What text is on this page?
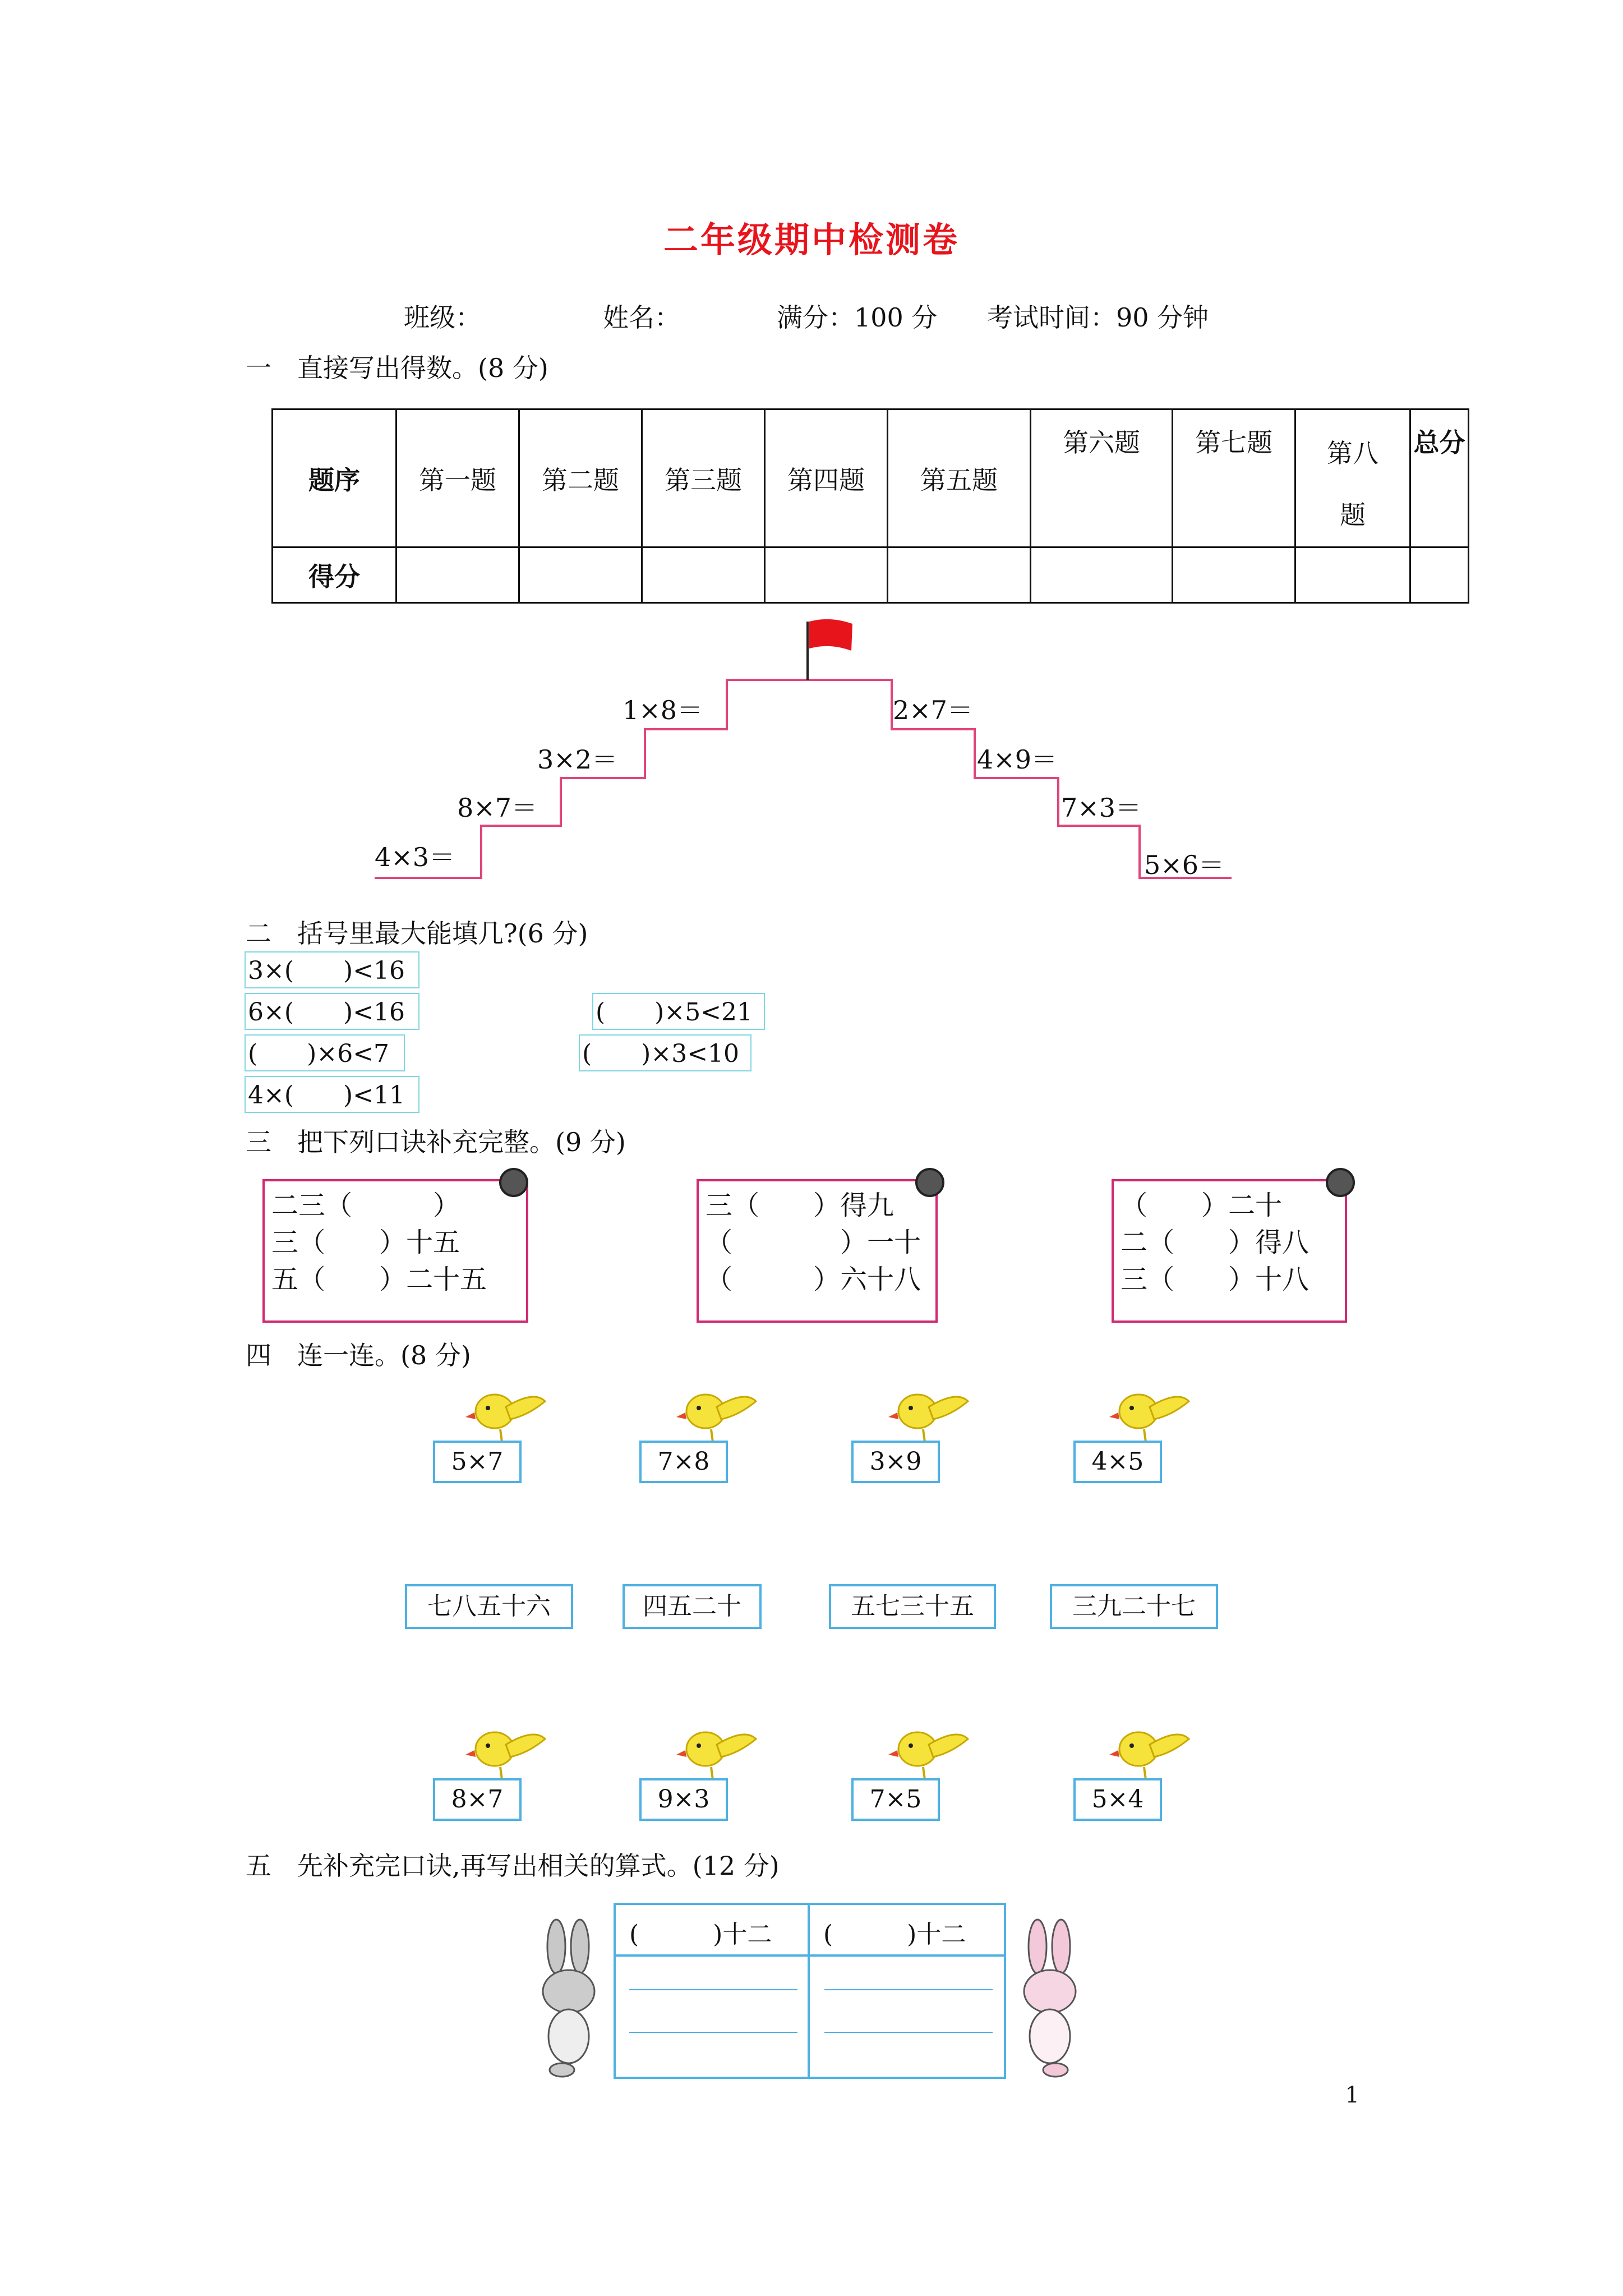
二年级期中检测卷
班级：	姓名：	满分：100 分 考试时间：90 分钟
一　直接写出得数。(8 分)
题序	第一题	第二题	第三题	第四题	第五题	第六题	第七题	第八
题	总分
得分									
1×8＝
3×2＝
8×7＝
4×3＝
2×7＝
4×9＝
7×3＝
5×6＝
二　括号里最大能填几?(6 分)
3×(　　)<16
6×(　　)<16
(　　)×6<7
4×(　　)<11
(　　)×5<21
(　　)×3<10
三　把下列口诀补充完整。(9 分)
二三（　　　）
三（　　）十五
五（　　）二十五
三（　　）得九
（　　　　）一十
（　　　）六十八
（　　）二十
二（　　）得八
三（　　）十八
四　连一连。(8 分)
5×7	7×8	3×9	4×5
七八五十六	四五二十	五七三十五	三九二十七
8×7	9×3	7×5	5×4
五　先补充完口诀,再写出相关的算式。(12 分)
(　　　)十二 (　　　)十二
1
